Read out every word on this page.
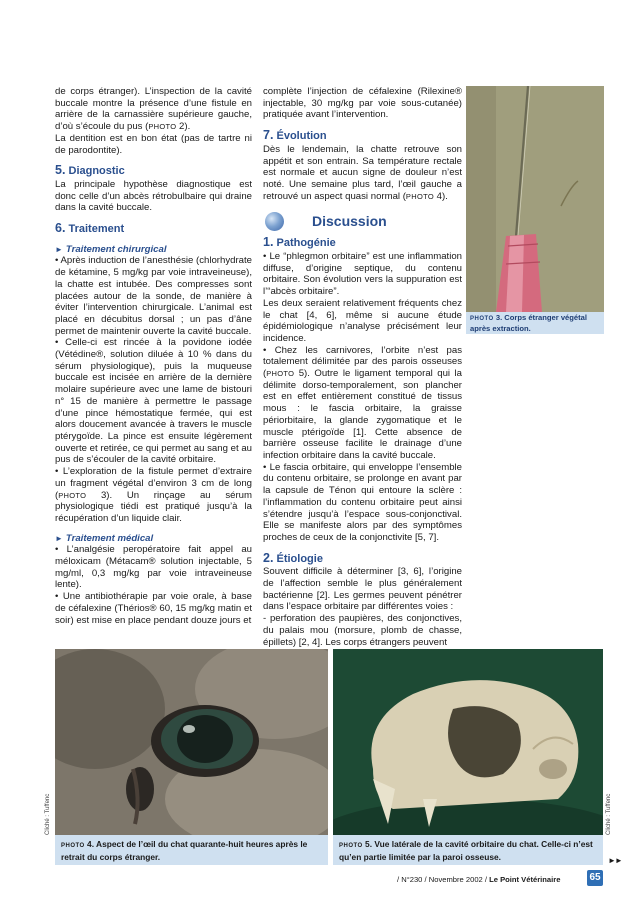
de corps étranger). L’inspection de la cavité buccale montre la présence d’une fistule en arrière de la carnassière supérieure gauche, d’où s’écoule du pus (PHOTO 2).

La dentition est en bon état (pas de tartre ni de parodontite).

5. Diagnostic

La principale hypothèse diagnostique est donc celle d’un abcès rétrobulbaire qui draine dans la cavité buccale.

6. Traitement
► Traitement chirurgical

• Après induction de l’anesthésie (chlorhydrate de kétamine, 5 mg/kg par voie intraveineuse), la chatte est intubée. Des compresses sont placées autour de la sonde, de manière à éviter l’intervention chirurgicale. L’animal est placé en décubitus dorsal ; un pas d’âne permet de maintenir ouverte la cavité buccale.

• Celle-ci est rincée à la povidone iodée (Vétédine®, solution diluée à 10 % dans du sérum physiologique), puis la muqueuse buccale est incisée en arrière de la dernière molaire supérieure avec une lame de bistouri n° 15 de manière à permettre le passage d’une pince hémostatique fermée, qui est alors doucement avancée à travers le muscle ptérygoïde. La pince est ensuite légèrement ouverte et retirée, ce qui permet au sang et au pus de s’écouler de la cavité orbitaire.

• L’exploration de la fistule permet d’extraire un fragment végétal d’environ 3 cm de long (PHOTO 3). Un rinçage au sérum physiologique tiédi est pratiqué jusqu’à la récupération d’un liquide clair.

► Traitement médical

• L’analgésie peropératoire fait appel au méloxicam (Métacam® solution injectable, 5 mg/ml, 0,3 mg/kg par voie intraveineuse lente).

• Une antibiothérapie par voie orale, à base de céfalexine (Thérios® 60, 15 mg/kg matin et soir) est mise en place pendant douze jours et

complète l’injection de céfalexine (Rilexine® injectable, 30 mg/kg par voie sous-cutanée) pratiquée avant l’intervention.

7. Évolution

Dès le lendemain, la chatte retrouve son appétit et son entrain. Sa température rectale est normale et aucun signe de douleur n’est noté. Une semaine plus tard, l’œil gauche a retrouvé un aspect quasi normal (PHOTO 4).

Discussion
1. Pathogénie

• Le “phlegmon orbitaire” est une inflammation diffuse, d’origine septique, du contenu orbitaire. Son évolution vers la suppuration est l’“abcès orbitaire”.

Les deux seraient relativement fréquents chez le chat [4, 6], même si aucune étude épidémiologique n’analyse précisément leur incidence.

• Chez les carnivores, l’orbite n’est pas totalement délimitée par des parois osseuses (PHOTO 5). Outre le ligament temporal qui la délimite dorso-temporalement, son plancher est en effet entièrement constitué de tissus mous : le fascia orbitaire, la graisse périorbitaire, la glande zygomatique et le muscle ptérigoïde [1]. Cette absence de barrière osseuse facilite le drainage d’une infection orbitaire dans la cavité buccale.

• Le fascia orbitaire, qui enveloppe l’ensemble du contenu orbitaire, se prolonge en avant par la capsule de Ténon qui entoure la sclère : l’inflammation du contenu orbitaire peut ainsi s’étendre jusqu’à l’espace sous-conjonctival. Elle se manifeste alors par des symptômes proches de ceux de la conjonctivite [5, 7].

2. Étiologie

Souvent difficile à déterminer [3, 6], l’origine de l’affection semble le plus généralement bactérienne [2]. Les germes peuvent pénétrer dans l’espace orbitaire par différentes voies :

- perforation des paupières, des conjonctives, du palais mou (morsure, plomb de chasse, épillets) [2, 4]. Les corps étrangers peuvent

PHOTO 3. Corps étranger végétal après extraction.
PHOTO 4. Aspect de l’œil du chat quarante-huit heures après le retrait du corps étranger.
PHOTO 5. Vue latérale de la cavité orbitaire du chat. Celle-ci n’est qu’en partie limitée par la paroi osseuse.
Cliché : Tuffenc	Cliché : Tuffenc
►►
/ N°230 / Novembre 2002 / Le Point Vétérinaire	65
